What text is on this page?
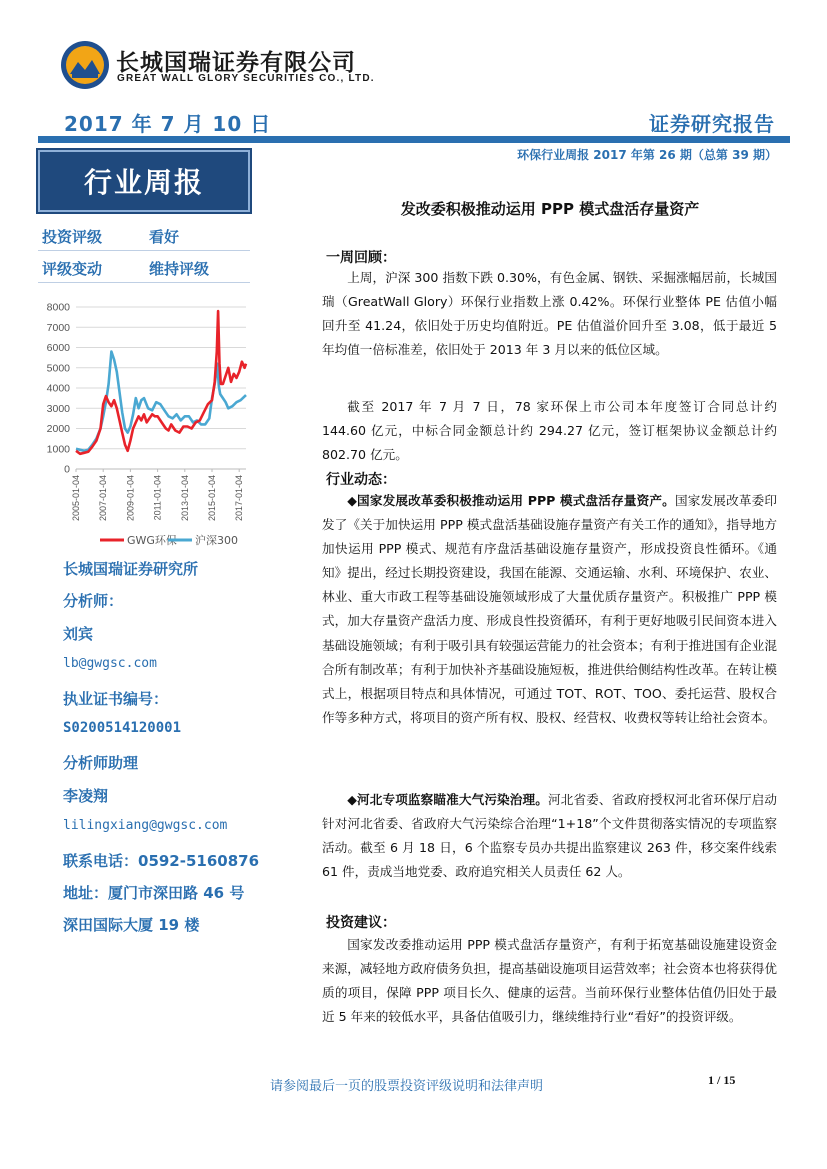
长城国瑞证券有限公司
GREAT WALL GLORY SECURITIES CO., LTD.
2017 年 7 月 10 日	证券研究报告
环保行业周报 2017 年第 26 期（总第 39 期）
行业周报
投资评级	看好
评级变动	维持评级
8000
7000
6000
5000
4000
3000
2000
1000
0
2005-01-04 2007-01-04 2009-01-04 2011-01-04 2013-01-04 2015-01-04 2017-01-04
GWG环保 沪深300
长城国瑞证券研究所
分析师：
刘宾
lb@gwgsc.com
执业证书编号：
S0200514120001
分析师助理
李凌翔
lilingxiang@gwgsc.com
联系电话：0592-5160876
地址：厦门市深田路 46 号
深田国际大厦 19 楼
发改委积极推动运用 PPP 模式盘活存量资产
一周回顾：
上周，沪深 300 指数下跌 0.30%，有色金属、钢铁、采掘涨幅居前，长城国瑞（GreatWall Glory）环保行业指数上涨 0.42%。环保行业整体 PE 估值小幅回升至 41.24，依旧处于历史均值附近。PE 估值溢价回升至 3.08，低于最近 5 年均值一倍标准差，依旧处于 2013 年 3 月以来的低位区域。
截至 2017 年 7 月 7 日，78 家环保上市公司本年度签订合同总计约 144.60 亿元，中标合同金额总计约 294.27 亿元，签订框架协议金额总计约 802.70 亿元。
行业动态：
◆国家发展改革委积极推动运用 PPP 模式盘活存量资产。国家发展改革委印发了《关于加快运用 PPP 模式盘活基础设施存量资产有关工作的通知》，指导地方加快运用 PPP 模式、规范有序盘活基础设施存量资产，形成投资良性循环。《通知》提出，经过长期投资建设，我国在能源、交通运输、水利、环境保护、农业、林业、重大市政工程等基础设施领域形成了大量优质存量资产。积极推广 PPP 模式，加大存量资产盘活力度、形成良性投资循环，有利于更好地吸引民间资本进入基础设施领域；有利于吸引具有较强运营能力的社会资本；有利于推进国有企业混合所有制改革；有利于加快补齐基础设施短板，推进供给侧结构性改革。在转让模式上，根据项目特点和具体情况，可通过 TOT、ROT、TOO、委托运营、股权合作等多种方式，将项目的资产所有权、股权、经营权、收费权等转让给社会资本。
◆河北专项监察瞄准大气污染治理。河北省委、省政府授权河北省环保厅启动针对河北省委、省政府大气污染综合治理“1+18”个文件贯彻落实情况的专项监察活动。截至 6 月 18 日，6 个监察专员办共提出监察建议 263 件，移交案件线索 61 件，责成当地党委、政府追究相关人员责任 62 人。
投资建议：
国家发改委推动运用 PPP 模式盘活存量资产，有利于拓宽基础设施建设资金来源，减轻地方政府债务负担，提高基础设施项目运营效率；社会资本也将获得优质的项目，保障 PPP 项目长久、健康的运营。当前环保行业整体估值仍旧处于最近 5 年来的较低水平，具备估值吸引力，继续维持行业“看好”的投资评级。
请参阅最后一页的股票投资评级说明和法律声明	1 / 15
